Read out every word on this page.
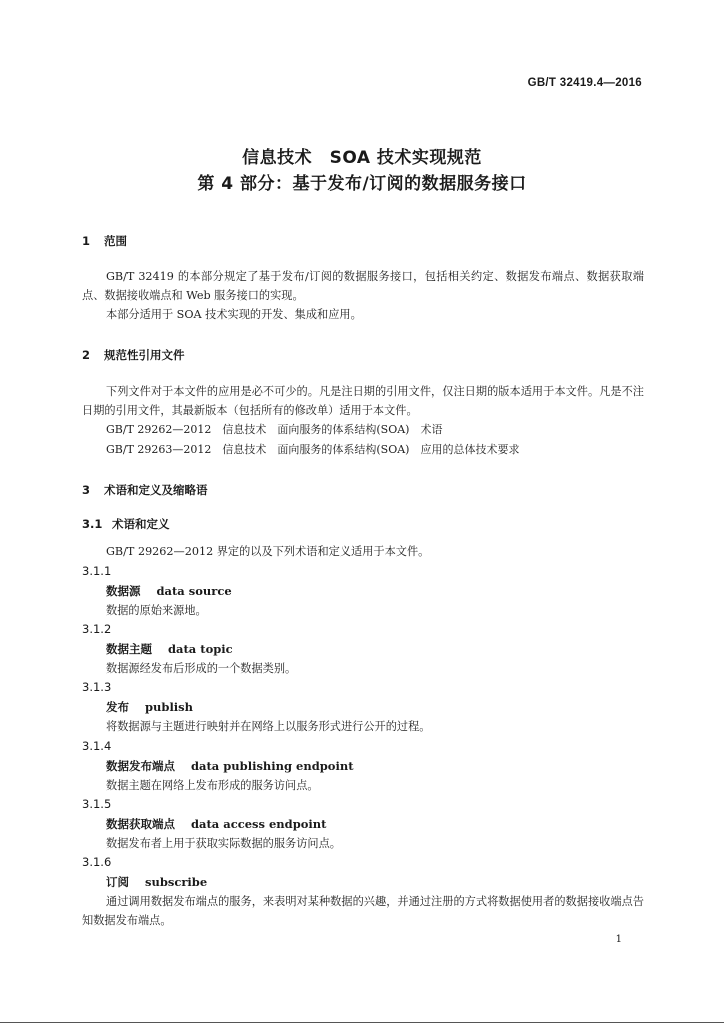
GB/T 32419.4—2016
信息技术　SOA 技术实现规范
第 4 部分：基于发布/订阅的数据服务接口
1 范围
GB/T 32419 的本部分规定了基于发布/订阅的数据服务接口，包括相关约定、数据发布端点、数据获取端点、数据接收端点和 Web 服务接口的实现。
本部分适用于 SOA 技术实现的开发、集成和应用。
2 规范性引用文件
下列文件对于本文件的应用是必不可少的。凡是注日期的引用文件，仅注日期的版本适用于本文件。凡是不注日期的引用文件，其最新版本（包括所有的修改单）适用于本文件。
GB/T 29262—2012　信息技术　面向服务的体系结构(SOA)　术语
GB/T 29263—2012　信息技术　面向服务的体系结构(SOA)　应用的总体技术要求
3 术语和定义及缩略语
3.1 术语和定义
GB/T 29262—2012 界定的以及下列术语和定义适用于本文件。
3.1.1
数据源 data source
数据的原始来源地。
3.1.2
数据主题 data topic
数据源经发布后形成的一个数据类别。
3.1.3
发布 publish
将数据源与主题进行映射并在网络上以服务形式进行公开的过程。
3.1.4
数据发布端点 data publishing endpoint
数据主题在网络上发布形成的服务访问点。
3.1.5
数据获取端点 data access endpoint
数据发布者上用于获取实际数据的服务访问点。
3.1.6
订阅 subscribe
通过调用数据发布端点的服务，来表明对某种数据的兴趣，并通过注册的方式将数据使用者的数据接收端点告知数据发布端点。
1
